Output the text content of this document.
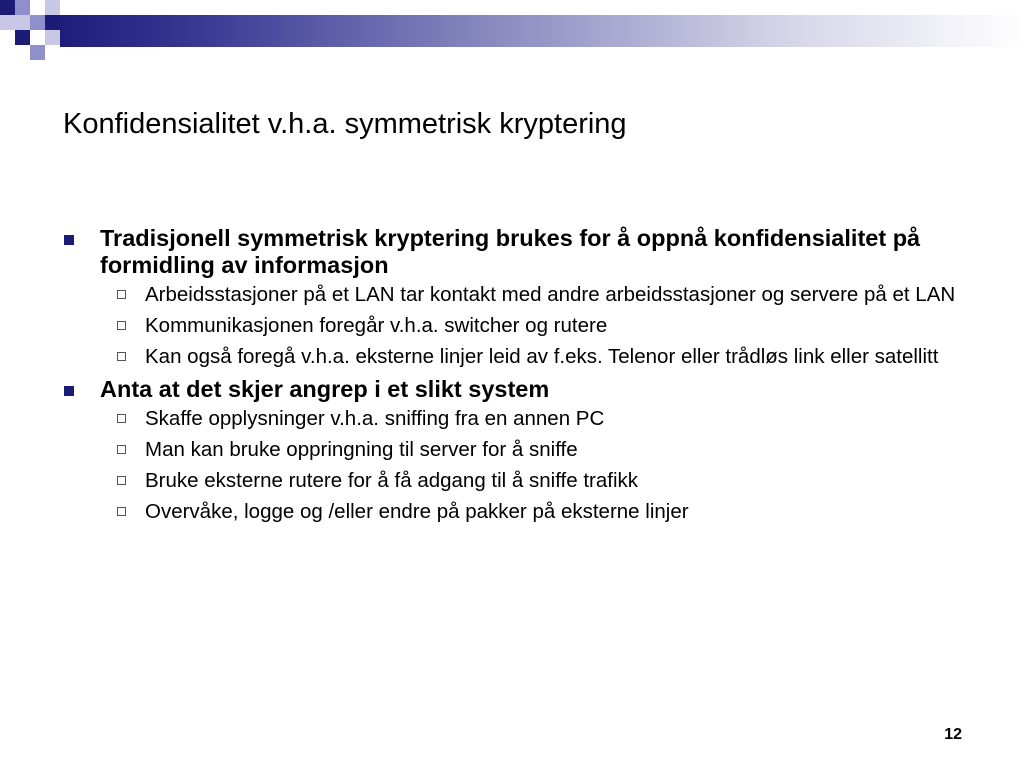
Konfidensialitet v.h.a. symmetrisk kryptering
Tradisjonell symmetrisk kryptering brukes for å oppnå konfidensialitet på formidling av informasjon
Arbeidsstasjoner på et LAN tar kontakt med andre arbeidsstasjoner og servere på et LAN
Kommunikasjonen foregår v.h.a. switcher og rutere
Kan også foregå v.h.a. eksterne linjer leid av f.eks. Telenor eller trådløs link eller satellitt
Anta at det skjer angrep i et slikt system
Skaffe opplysninger v.h.a. sniffing fra en annen PC
Man kan bruke oppringning til server for å sniffe
Bruke eksterne rutere for å få adgang til å sniffe trafikk
Overvåke, logge og /eller endre på pakker på eksterne linjer
12
